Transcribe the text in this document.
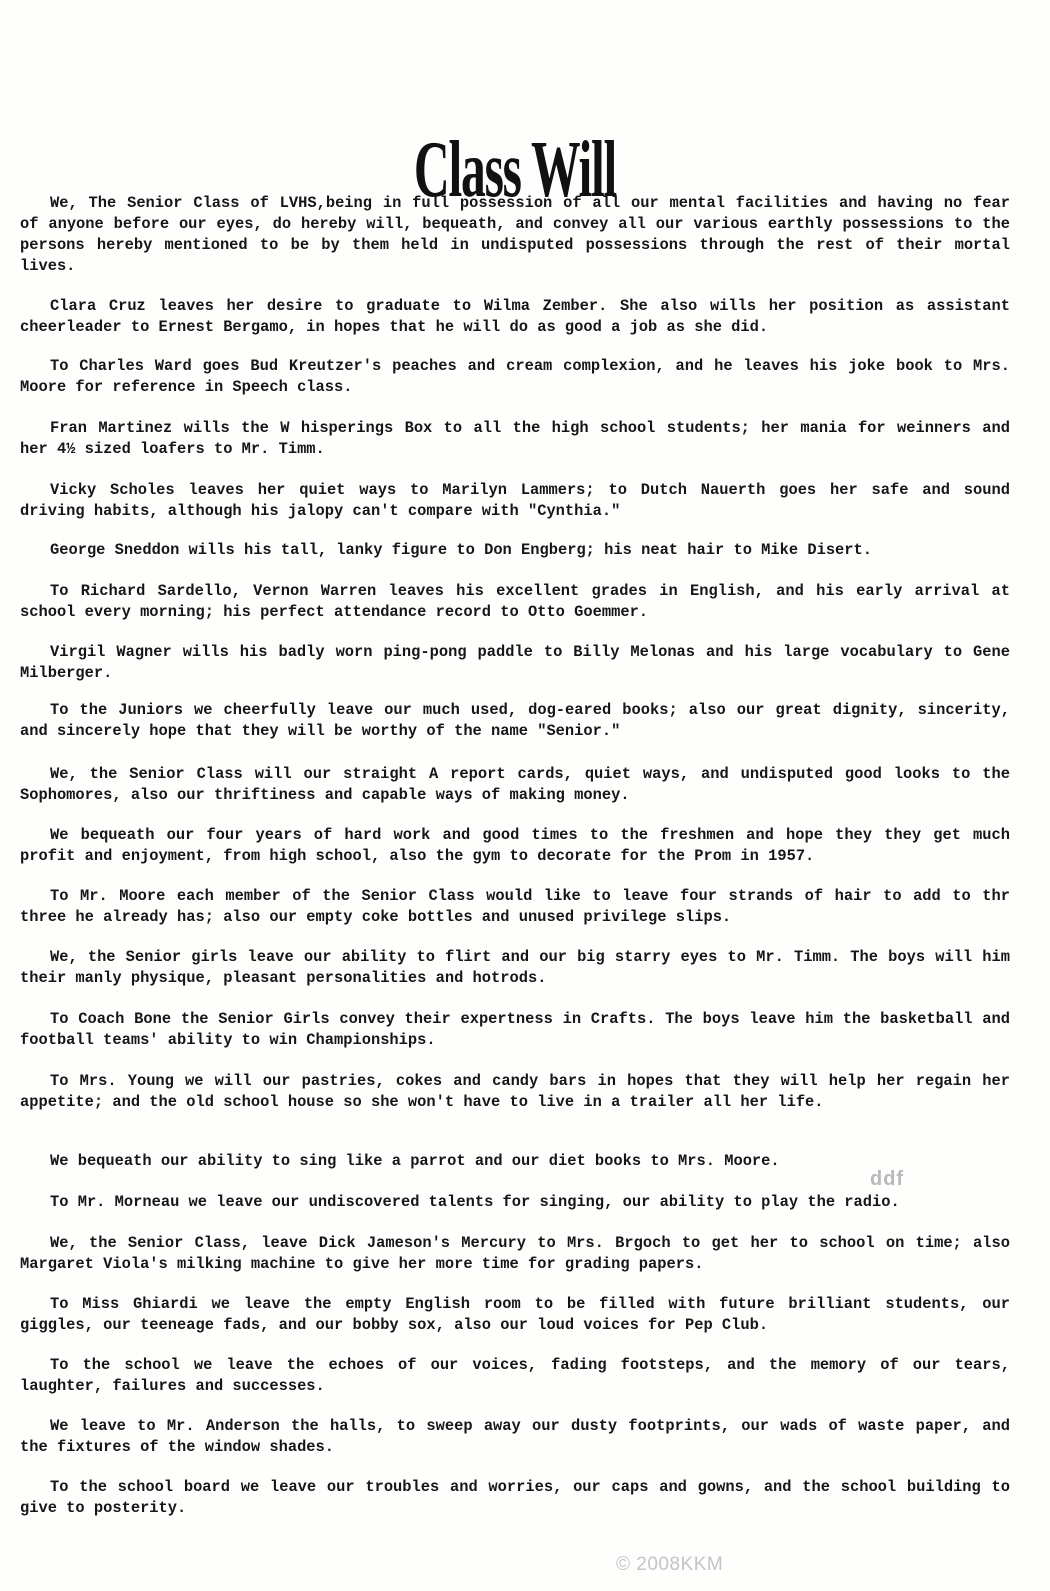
Class Will

We, The Senior Class of LVHS,being in full possession of all our mental facilities and having no fear of anyone before our eyes, do hereby will, bequeath, and convey all our various earthly possessions to the persons hereby mentioned to be by them held in undisputed possessions through the rest of their mortal lives.

Clara Cruz leaves her desire to graduate to Wilma Zember. She also wills her position as assistant cheerleader to Ernest Bergamo, in hopes that he will do as good a job as she did.

To Charles Ward goes Bud Kreutzer's peaches and cream complexion, and he leaves his joke book to Mrs. Moore for reference in Speech class.

Fran Martinez wills the W hisperings Box to all the high school students; her mania for weinners and her 4½ sized loafers to Mr. Timm.

Vicky Scholes leaves her quiet ways to Marilyn Lammers; to Dutch Nauerth goes her safe and sound driving habits, although his jalopy can't compare with "Cynthia."

George Sneddon wills his tall, lanky figure to Don Engberg; his neat hair to Mike Disert.

To Richard Sardello, Vernon Warren leaves his excellent grades in English, and his early arrival at school every morning; his perfect attendance record to Otto Goemmer.

Virgil Wagner wills his badly worn ping-pong paddle to Billy Melonas and his large vocabulary to Gene Milberger.

To the Juniors we cheerfully leave our much used, dog-eared books; also our great dignity, sincerity, and sincerely hope that they will be worthy of the name "Senior."

We, the Senior Class will our straight A report cards, quiet ways, and undisputed good looks to the Sophomores, also our thriftiness and capable ways of making money.

We bequeath our four years of hard work and good times to the freshmen and hope they they get much profit and enjoyment, from high school, also the gym to decorate for the Prom in 1957.

To Mr. Moore each member of the Senior Class would like to leave four strands of hair to add to thr three he already has; also our empty coke bottles and unused privilege slips.

We, the Senior girls leave our ability to flirt and our big starry eyes to Mr. Timm. The boys will him their manly physique, pleasant personalities and hotrods.

To Coach Bone the Senior Girls convey their expertness in Crafts. The boys leave him the basketball and football teams' ability to win Championships.

To Mrs. Young we will our pastries, cokes and candy bars in hopes that they will help her regain her appetite; and the old school house so she won't have to live in a trailer all her life.

We bequeath our ability to sing like a parrot and our diet books to Mrs. Moore.

To Mr. Morneau we leave our undiscovered talents for singing, our ability to play the radio.

We, the Senior Class, leave Dick Jameson's Mercury to Mrs. Brgoch to get her to school on time; also Margaret Viola's milking machine to give her more time for grading papers.

To Miss Ghiardi we leave the empty English room to be filled with future brilliant students, our giggles, our teeneage fads, and our bobby sox, also our loud voices for Pep Club.

To the school we leave the echoes of our voices, fading footsteps, and the memory of our tears, laughter, failures and successes.

We leave to Mr. Anderson the halls, to sweep away our dusty footprints, our wads of waste paper, and the fixtures of the window shades.

To the school board we leave our troubles and worries, our caps and gowns, and the school building to give to posterity.

ddf
© 2008KKM
